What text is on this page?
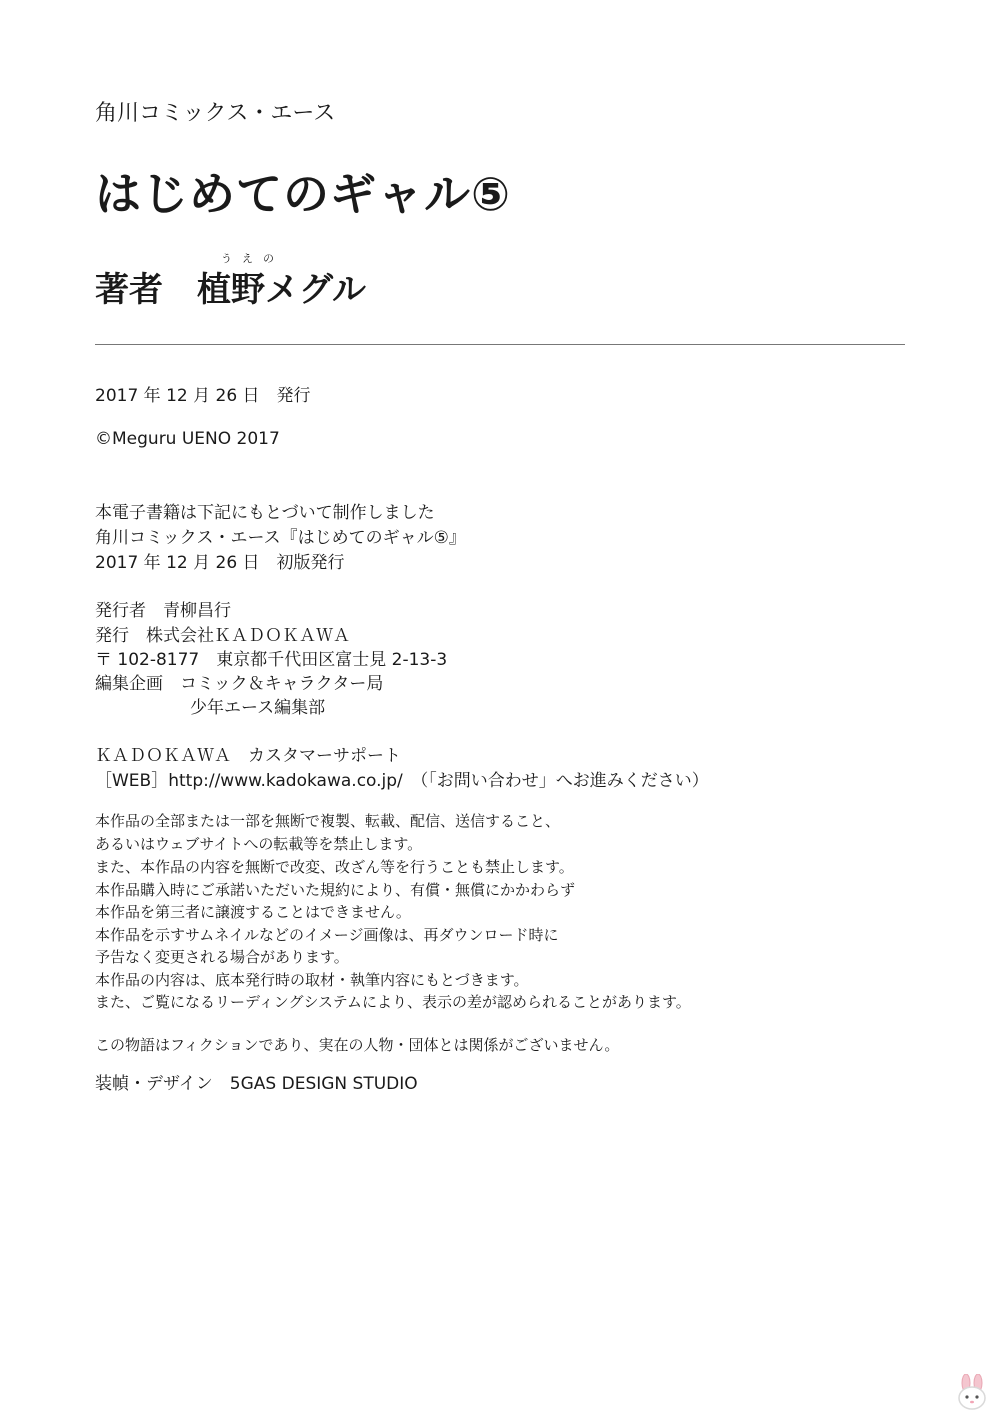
角川コミックス・エース
はじめてのギャル⑤
著者
うえの
植野メグル
2017 年 12 月 26 日　発行
©Meguru UENO 2017
本電子書籍は下記にもとづいて制作しました
角川コミックス・エース『はじめてのギャル⑤』
2017 年 12 月 26 日　初版発行
発行者　青柳昌行
発行　株式会社ＫＡＤＯＫＡＷＡ
〒 102-8177　東京都千代田区富士見 2-13-3
編集企画　コミック＆キャラクター局
少年エース編集部
ＫＡＤＯＫＡＷＡ　カスタマーサポート
［WEB］http://www.kadokawa.co.jp/　（「お問い合わせ」へお進みください）
本作品の全部または一部を無断で複製、転載、配信、送信すること、
あるいはウェブサイトへの転載等を禁止します。
また、本作品の内容を無断で改変、改ざん等を行うことも禁止します。
本作品購入時にご承諾いただいた規約により、有償・無償にかかわらず
本作品を第三者に譲渡することはできません。
本作品を示すサムネイルなどのイメージ画像は、再ダウンロード時に
予告なく変更される場合があります。
本作品の内容は、底本発行時の取材・執筆内容にもとづきます。
また、ご覧になるリーディングシステムにより、表示の差が認められることがあります。
この物語はフィクションであり、実在の人物・団体とは関係がございません。
装幀・デザイン　5GAS DESIGN STUDIO
